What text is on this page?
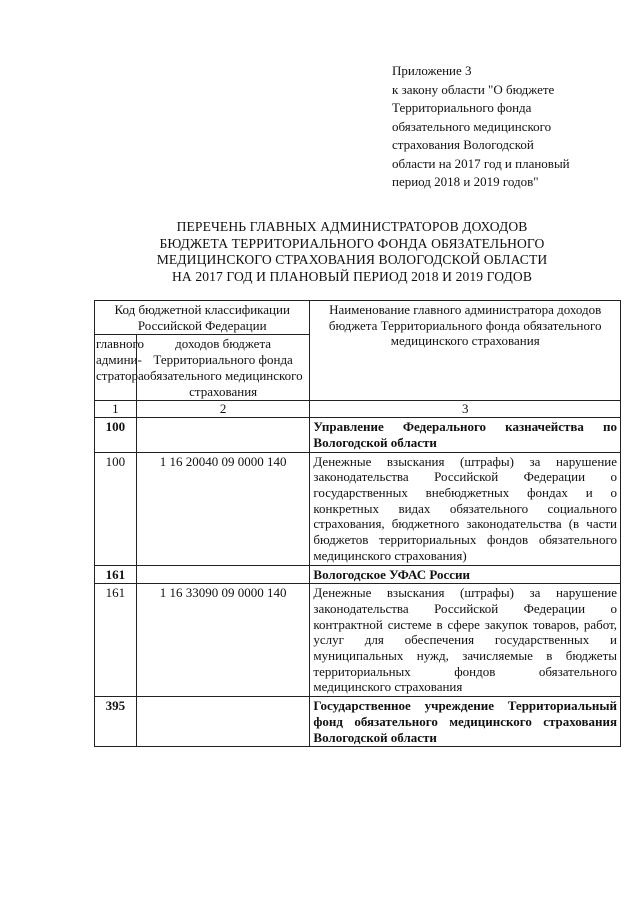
Приложение 3
к закону области "О бюджете
Территориального фонда
обязательного медицинского
страхования Вологодской
области на 2017 год и плановый
период 2018 и 2019 годов"
ПЕРЕЧЕНЬ ГЛАВНЫХ АДМИНИСТРАТОРОВ ДОХОДОВ
БЮДЖЕТА ТЕРРИТОРИАЛЬНОГО ФОНДА ОБЯЗАТЕЛЬНОГО
МЕДИЦИНСКОГО СТРАХОВАНИЯ ВОЛОГОДСКОЙ ОБЛАСТИ
НА 2017 ГОД И ПЛАНОВЫЙ ПЕРИОД 2018 И 2019 ГОДОВ
Код бюджетной классификации Российской Федерации		Наименование главного администратора доходов бюджета Территориального фонда обязательного медицинского страхования
главного админи-стратора	доходов бюджета Территориального фонда обязательного медицинского страхования	
1	2	3
100		Управление Федерального казначейства по Вологодской области
100	1 16 20040 09 0000 140	Денежные взыскания (штрафы) за нарушение законодательства Российской Федерации о государственных внебюджетных фондах и о конкретных видах обязательного социального страхования, бюджетного законодательства (в части бюджетов территориальных фондов обязательного медицинского страхования)
161		Вологодское УФАС России
161	1 16 33090 09 0000 140	Денежные взыскания (штрафы) за нарушение законодательства Российской Федерации о контрактной системе в сфере закупок товаров, работ, услуг для обеспечения государственных и муниципальных нужд, зачисляемые в бюджеты территориальных фондов обязательного медицинского страхования
395		Государственное учреждение Территориальный фонд обязательного медицинского страхования Вологодской области
